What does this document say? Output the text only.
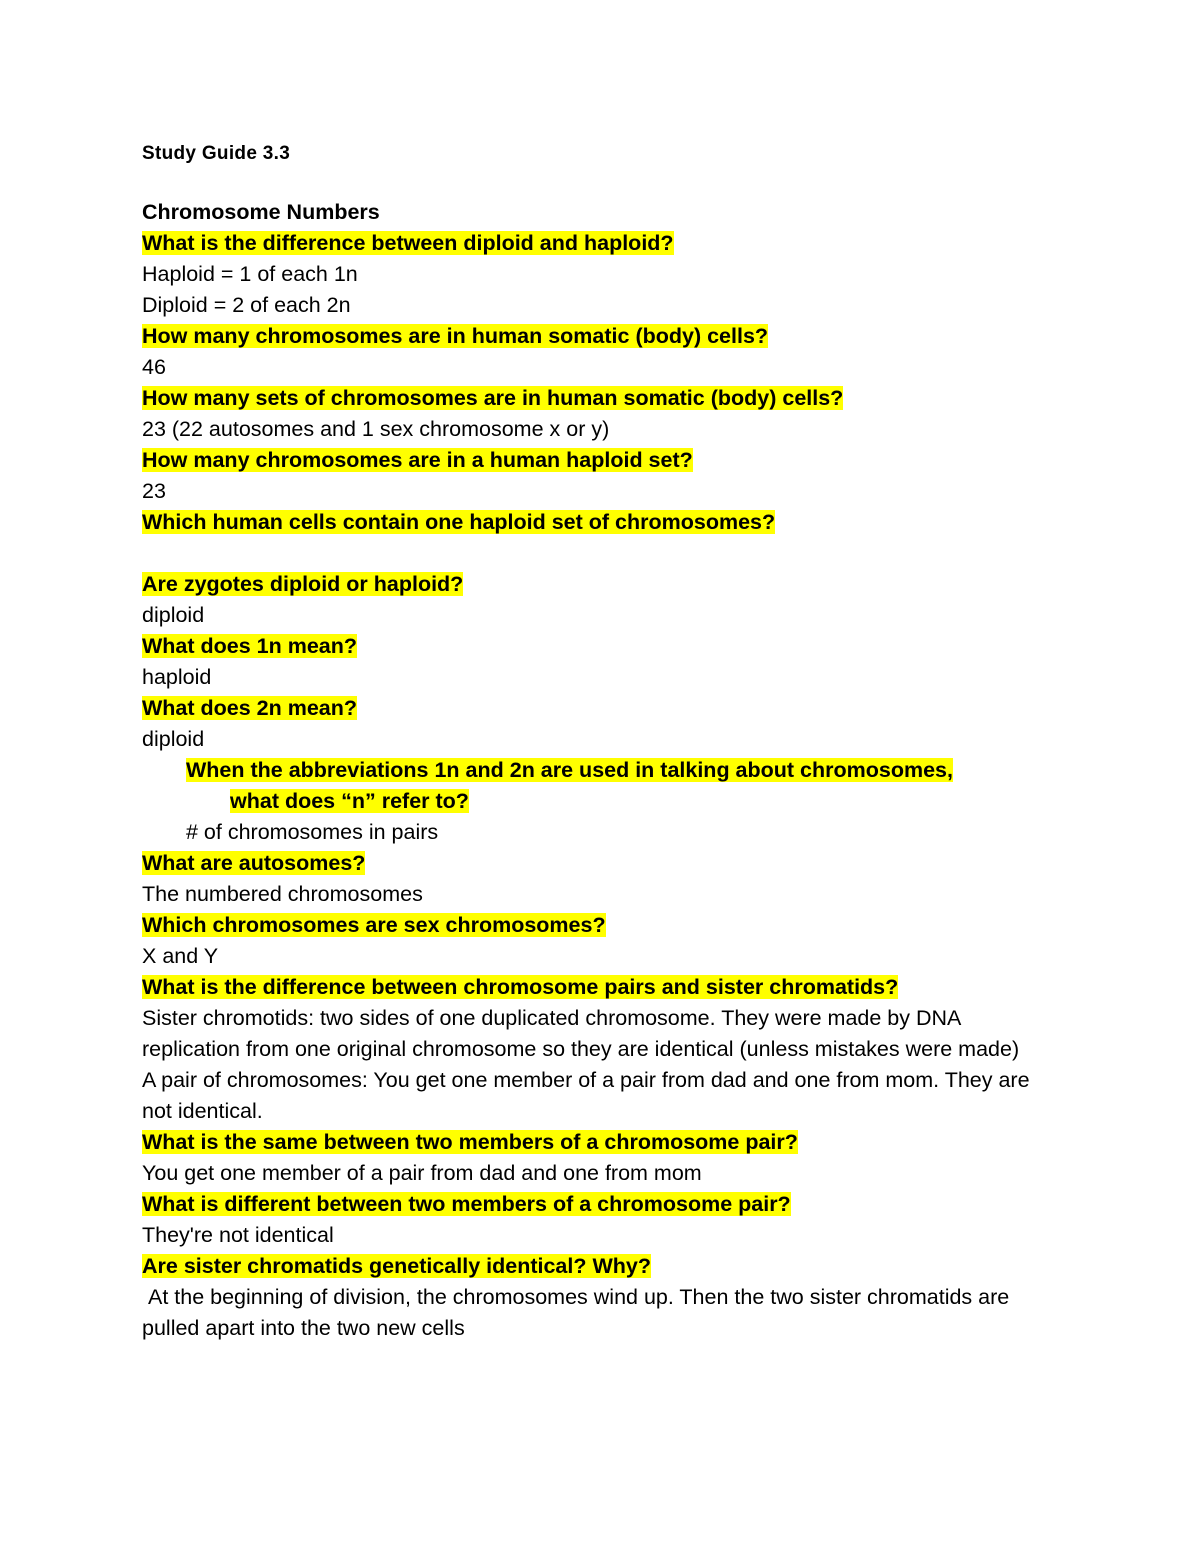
Study Guide 3.3
Chromosome Numbers
What is the difference between diploid and haploid?
Haploid = 1 of each 1n
Diploid = 2 of each 2n
How many chromosomes are in human somatic (body) cells?
46
How many sets of chromosomes are in human somatic (body) cells?
23 (22 autosomes and 1 sex chromosome x or y)
How many chromosomes are in a human haploid set?
23
Which human cells contain one haploid set of chromosomes?
Are zygotes diploid or haploid?
diploid
What does 1n mean?
haploid
What does 2n mean?
diploid
When the abbreviations 1n and 2n are used in talking about chromosomes,
what does “n” refer to?
# of chromosomes in pairs
What are autosomes?
The numbered chromosomes
Which chromosomes are sex chromosomes?
X and Y
What is the difference between chromosome pairs and sister chromatids?
Sister chromotids: two sides of one duplicated chromosome. They were made by DNA replication from one original chromosome so they are identical (unless mistakes were made)
A pair of chromosomes: You get one member of a pair from dad and one from mom. They are not identical.
What is the same between two members of a chromosome pair?
You get one member of a pair from dad and one from mom
What is different between two members of a chromosome pair?
They're not identical
Are sister chromatids genetically identical? Why?
At the beginning of division, the chromosomes wind up. Then the two sister chromatids are pulled apart into the two new cells
